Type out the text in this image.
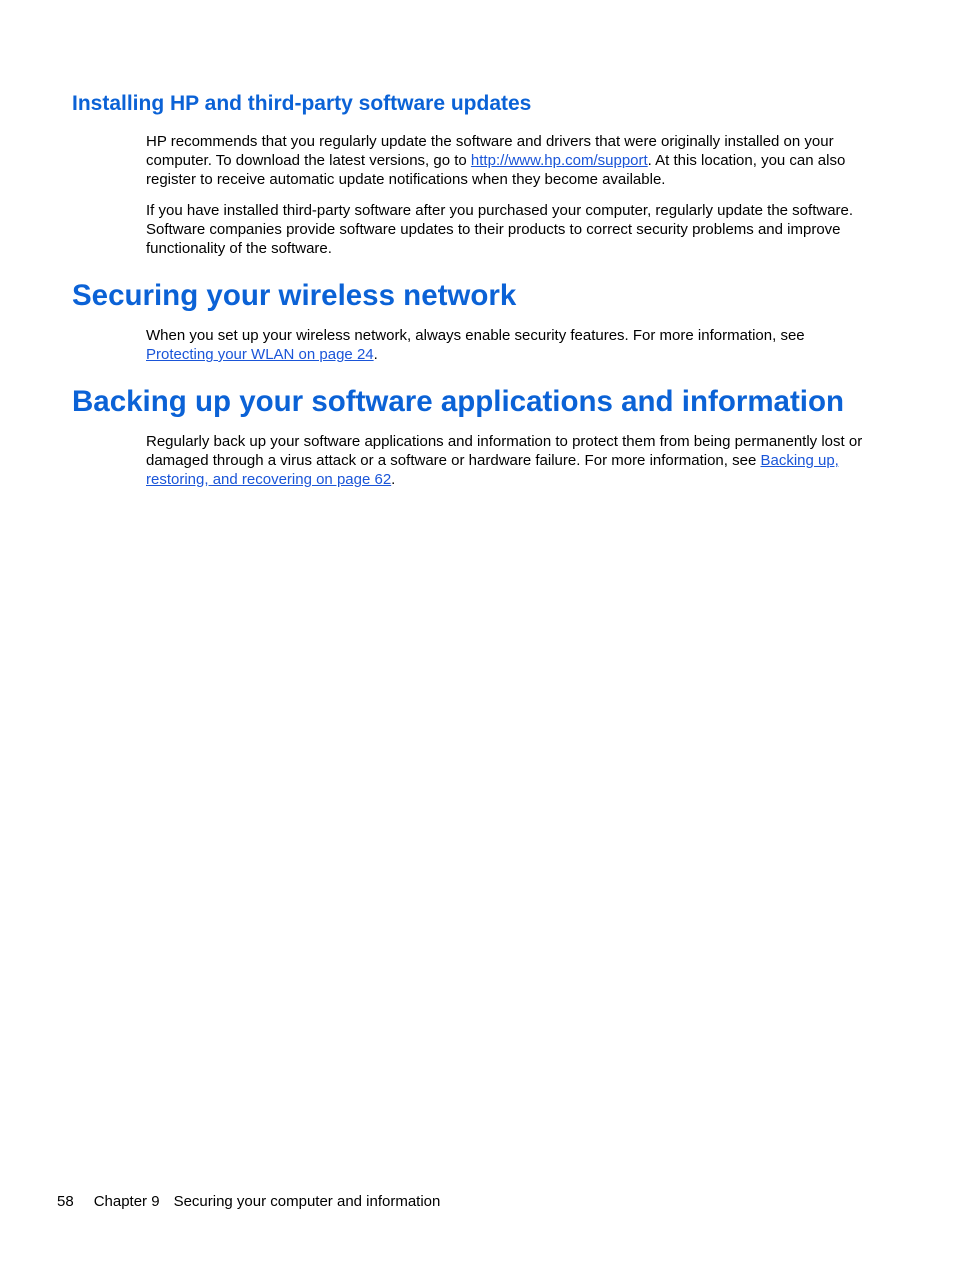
Installing HP and third-party software updates

HP recommends that you regularly update the software and drivers that were originally installed on your computer. To download the latest versions, go to http://www.hp.com/support. At this location, you can also register to receive automatic update notifications when they become available.

If you have installed third-party software after you purchased your computer, regularly update the software. Software companies provide software updates to their products to correct security problems and improve functionality of the software.

Securing your wireless network

When you set up your wireless network, always enable security features. For more information, see Protecting your WLAN on page 24.

Backing up your software applications and information

Regularly back up your software applications and information to protect them from being permanently lost or damaged through a virus attack or a software or hardware failure. For more information, see Backing up, restoring, and recovering on page 62.

58 Chapter 9 Securing your computer and information
